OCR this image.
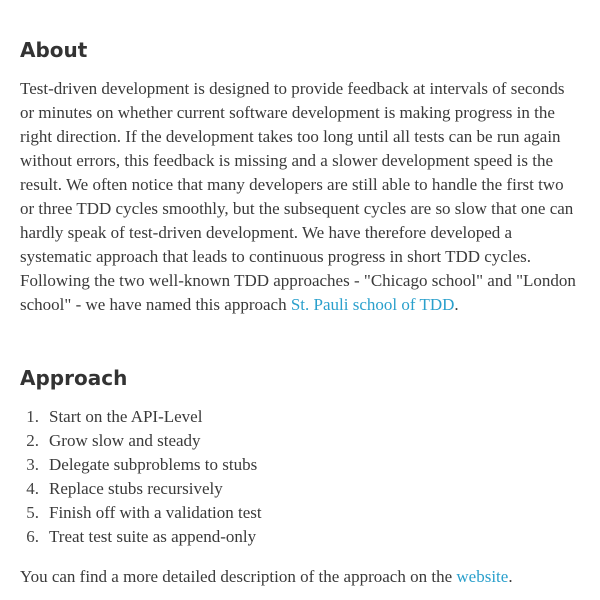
About

Test-driven development is designed to provide feedback at intervals of seconds or minutes on whether current software development is making progress in the right direction. If the development takes too long until all tests can be run again without errors, this feedback is missing and a slower development speed is the result. We often notice that many developers are still able to handle the first two or three TDD cycles smoothly, but the subsequent cycles are so slow that one can hardly speak of test-driven development. We have therefore developed a systematic approach that leads to continuous progress in short TDD cycles. Following the two well-known TDD approaches - "Chicago school" and "London school" - we have named this approach St. Pauli school of TDD.

Approach
1. Start on the API-Level
2. Grow slow and steady
3. Delegate subproblems to stubs
4. Replace stubs recursively
5. Finish off with a validation test
6. Treat test suite as append-only

You can find a more detailed description of the approach on the website.
